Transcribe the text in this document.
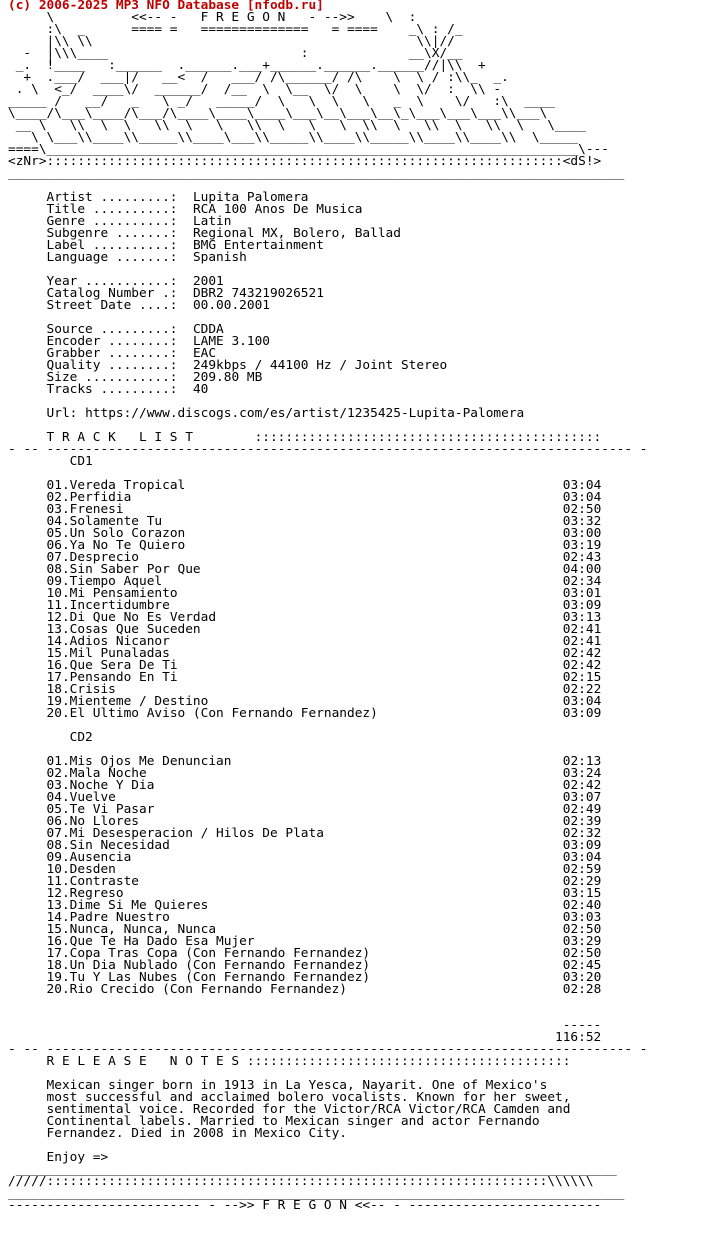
(c) 2006-2025 MP3 NFO Database [nfodb.ru]
\          <<-- -   F R E G O N   - -->>    \  :
:\  _      ==== =   ==============   = ====    _\ : /_
|\\ \\                                          \\|//
-  |\\\____                         :             __\X/__
_.  !____   :______  .______.___+______.______.______//|\\  +
+  .___/  ___|/   __<  /   ___/ /\______/ /\    \  \ / :\\_  _.
. \  <_/  ____\/  ______/  /__  \  \__  \/  \    \  \/  :  \\ -
_____ /   __/   _   \ _/   _____/  \   \  \   \   _  \    \/   :\  ____
\____/\___\____/\___/\____\____\____\___\__\___\__\_\___\___\___\\___\
__ \   \\  \  \   \\  \   \   \\  \   \   \  \\  \   \\  \   \\  \   \____
\ \___\\____\\_____\\____\___\\_____\\____\\_____\\____\\____\\  \_____
====\_____________________________________________________________________\---
<zNr>:::::::::::::::::::::::::::::::::::::::::::::::::::::::::::::::::::<dS!>
________________________________________________________________________________

Artist .........: Lupita Palomera
Title ..........: RCA 100 Anos De Musica
Genre ..........: Latin
Subgenre .......: Regional MX, Bolero, Ballad
Label ..........: BMG Entertainment
Language .......: Spanish

Year ...........: 2001
Catalog Number .: DBR2 743219026521
Street Date ....: 00.00.2001

Source .........: CDDA
Encoder ........: LAME 3.100
Grabber ........: EAC
Quality ........: 249kbps / 44100 Hz / Joint Stereo
Size ...........: 209.80 MB
Tracks .........: 40

Url: https://www.discogs.com/es/artist/1235425-Lupita-Palomera

T R A C K   L I S T	:::::::::::::::::::::::::::::::::::::::::::::
- -- ---------------------------------------------------------------------------- -
CD1

01.Vereda Tropical	03:04
02.Perfidia	03:04
03.Frenesi	02:50
04.Solamente Tu	03:32
05.Un Solo Corazon	03:00
06.Ya No Te Quiero	03:19
07.Desprecio	02:43
08.Sin Saber Por Que	04:00
09.Tiempo Aquel	02:34
10.Mi Pensamiento	03:01
11.Incertidumbre	03:09
12.Di Que No Es Verdad	03:13
13.Cosas Que Suceden	02:41
14.Adios Nicanor	02:41
15.Mil Punaladas	02:42
16.Que Sera De Ti	02:42
17.Pensando En Ti	02:15
18.Crisis	02:22
19.Mienteme / Destino	03:04
20.El Ultimo Aviso (Con Fernando Fernandez)	03:09

CD2

01.Mis Ojos Me Denuncian	02:13
02.Mala Noche	03:24
03.Noche Y Dia	02:42
04.Vuelve	03:07
05.Te Vi Pasar	02:49
06.No Llores	02:39
07.Mi Desesperacion / Hilos De Plata	02:32
08.Sin Necesidad	03:09
09.Ausencia	03:04
10.Desden	02:59
11.Contraste	02:29
12.Regreso	03:15
13.Dime Si Me Quieres	02:40
14.Padre Nuestro	03:03
15.Nunca, Nunca, Nunca	02:50
16.Que Te Ha Dado Esa Mujer	03:29
17.Copa Tras Copa (Con Fernando Fernandez)	02:50
18.Un Dia Nublado (Con Fernando Fernandez)	02:45
19.Tu Y Las Nubes (Con Fernando Fernandez)	03:20
20.Rio Crecido (Con Fernando Fernandez)	02:28

-----
116:52
- -- ---------------------------------------------------------------------------- -
R E L E A S E   N O T E S ::::::::::::::::::::::::::::::::::::::::::

Mexican singer born in 1913 in La Yesca, Nayarit. One of Mexico's
most successful and acclaimed bolero vocalists. Known for her sweet,
sentimental voice. Recorded for the Victor/RCA Victor/RCA Camden and
Continental labels. Married to Mexican singer and actor Fernando
Fernandez. Died in 2008 in Mexico City.

Enjoy =>
______________________________________________________________________________
/////:::::::::::::::::::::::::::::::::::::::::::::::::::::::::::::::::\\\\\\
________________________________________________________________________________
------------------------- - -->> F R E G O N <<-- - -------------------------
